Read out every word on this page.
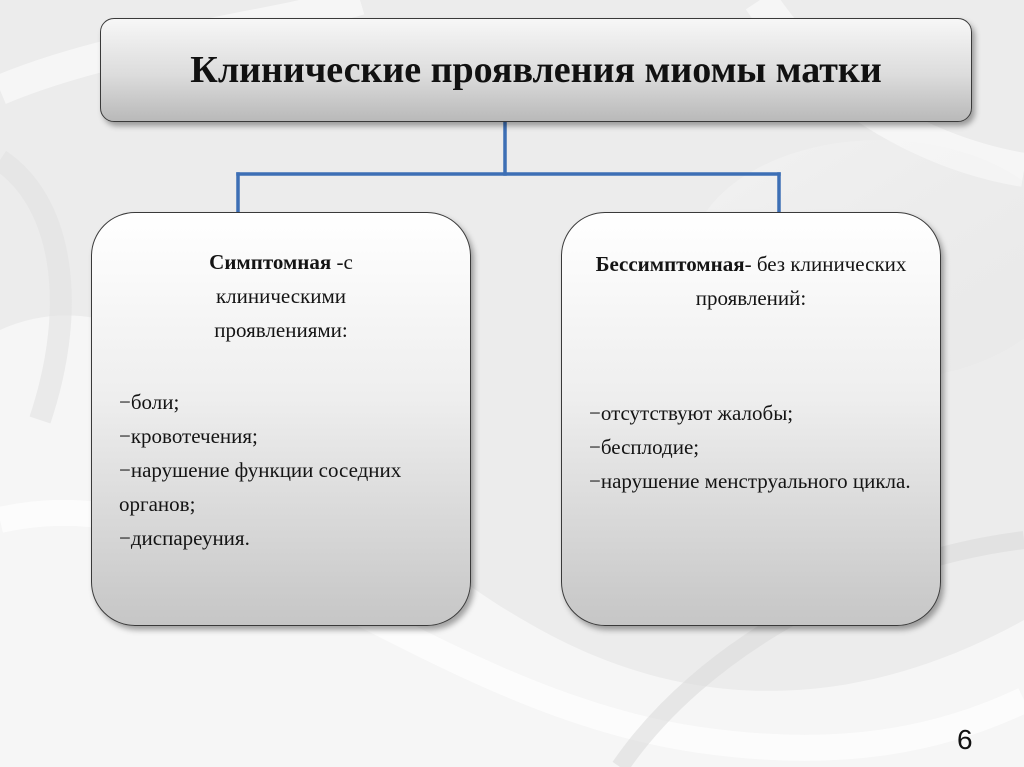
Клинические проявления миомы матки
Симптомная -с клиническими проявлениями:
−боли;
−кровотечения;
−нарушение функции соседних органов;
−диспареуния.
Бессимптомная- без клинических проявлений:
−отсутствуют жалобы;
−бесплодие;
−нарушение менструального цикла.
6
